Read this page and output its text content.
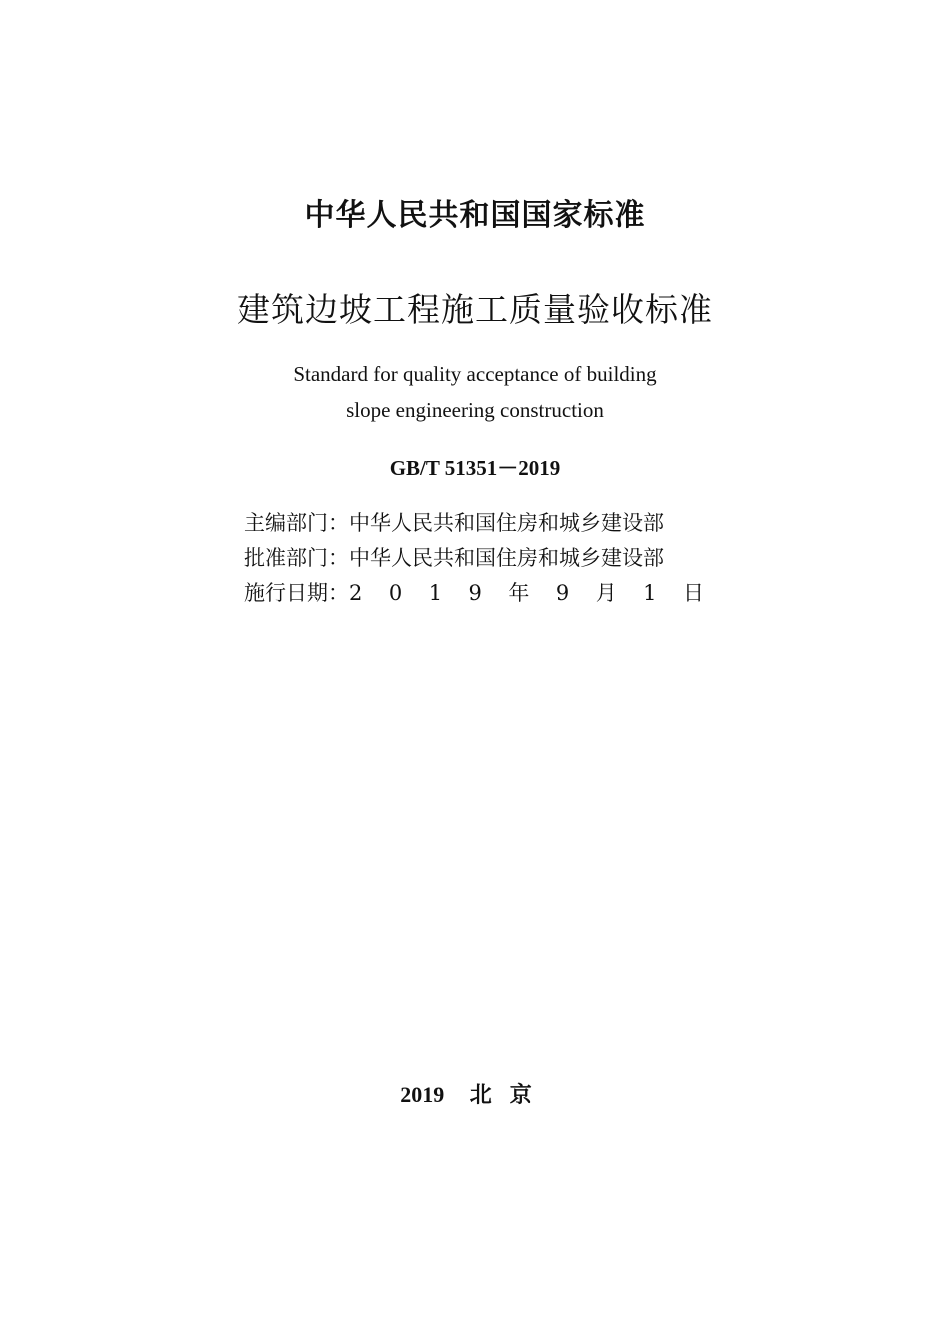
中华人民共和国国家标准
建筑边坡工程施工质量验收标准
Standard for quality acceptance of building
slope engineering construction
GB/T 51351－2019
主编部门： 中华人民共和国住房和城乡建设部
批准部门： 中华人民共和国住房和城乡建设部
施行日期： 2 0 1 9 年 9 月 1 日
2019 北京
